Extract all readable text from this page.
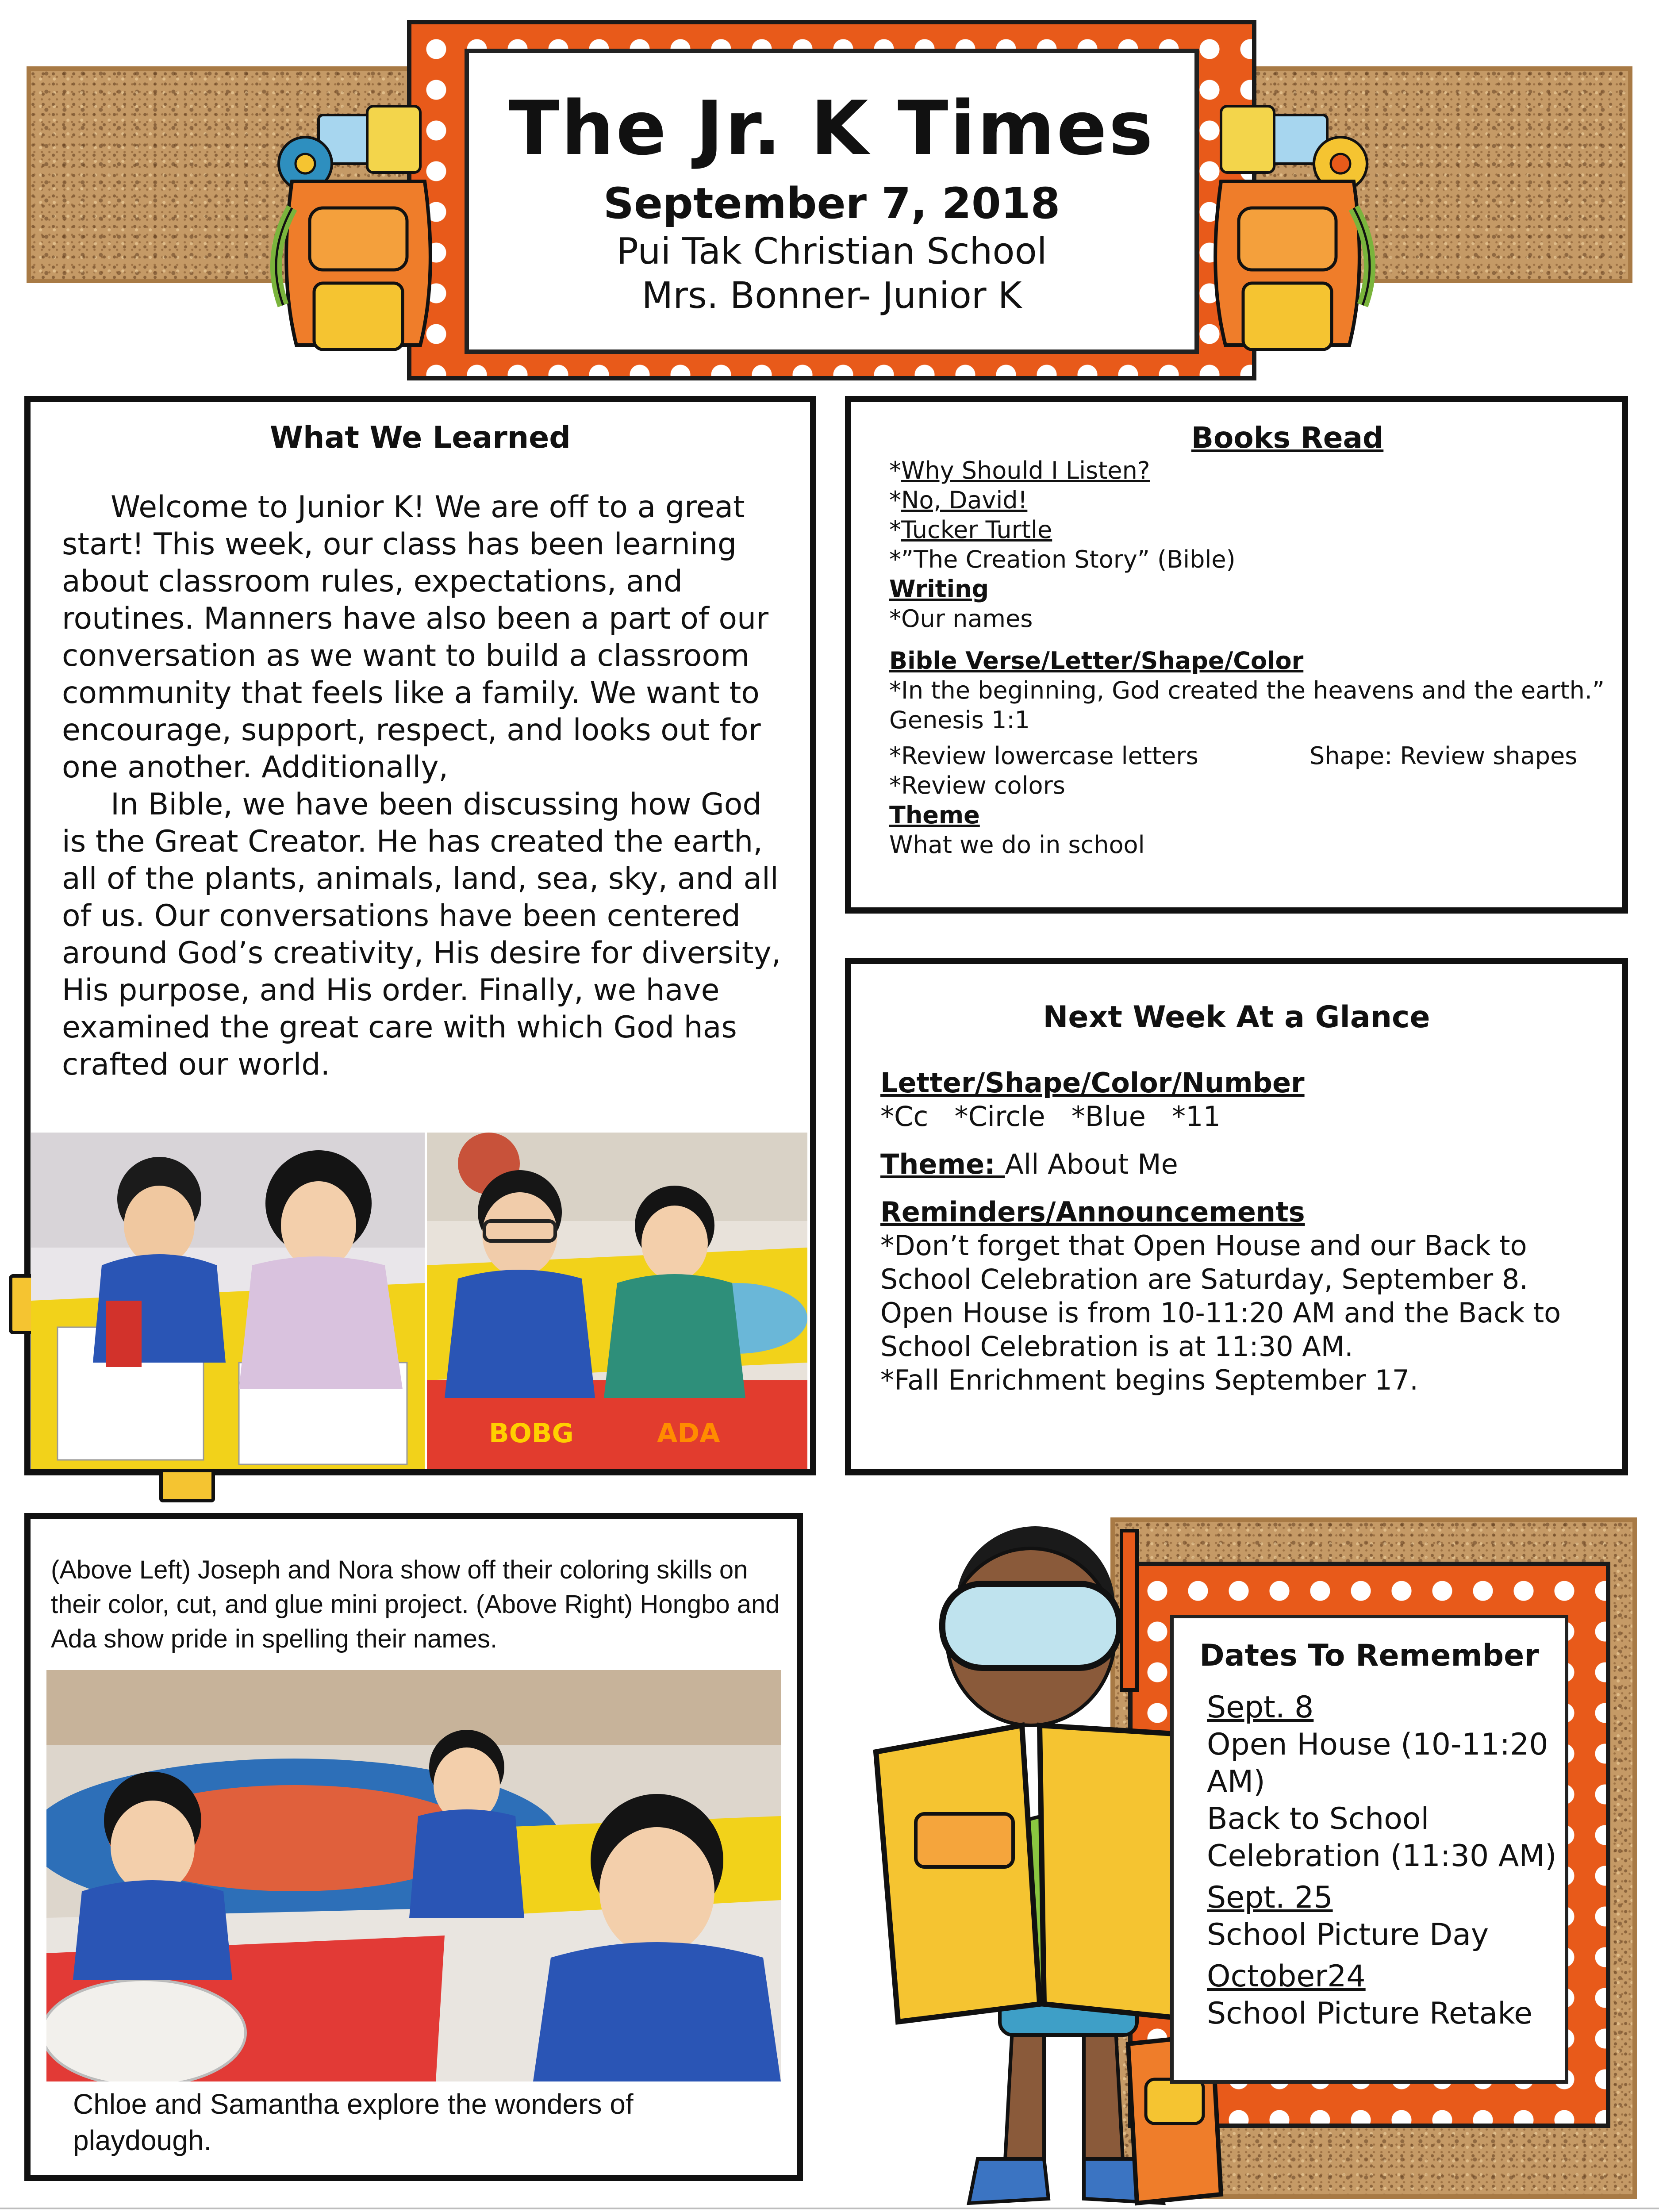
The Jr. K Times
September 7, 2018
Pui Tak Christian School
Mrs. Bonner- Junior K
What We Learned

Welcome to Junior K! We are off to a great start! This week, our class has been learning about classroom rules, expectations, and routines. Manners have also been a part of our conversation as we want to build a classroom community that feels like a family. We want to encourage, support, respect, and looks out for one another. Additionally,

In Bible, we have been discussing how God is the Great Creator. He has created the earth, all of the plants, animals, land, sea, sky, and all of us. Our conversations have been centered around God’s creativity, His desire for diversity, His purpose, and His order. Finally, we have examined the great care with which God has crafted our world.

BOBG	ADA
Books Read
*Why Should I Listen?
*No, David!
*Tucker Turtle
*”The Creation Story” (Bible)
Writing
*Our names
Bible Verse/Letter/Shape/Color
*In the beginning, God created the heavens and the earth.”
Genesis 1:1
*Review lowercase letters	Shape: Review shapes
*Review colors
Theme
What we do in school
Next Week At a Glance
Letter/Shape/Color/Number
*Cc   *Circle   *Blue   *11
Theme: All About Me
Reminders/Announcements
*Don’t forget that Open House and our Back to School Celebration are Saturday, September 8. Open House is from 10-11:20 AM and the Back to School Celebration is at 11:30 AM.
*Fall Enrichment begins September 17.
(Above Left) Joseph and Nora show off their coloring skills on their color, cut, and glue mini project. (Above Right) Hongbo and Ada show pride in spelling their names.
Chloe and Samantha explore the wonders of playdough.
Dates To Remember
Sept. 8
Open House (10-11:20 AM)
Back to School Celebration (11:30 AM)
Sept. 25
School Picture Day
October24
School Picture Retake
